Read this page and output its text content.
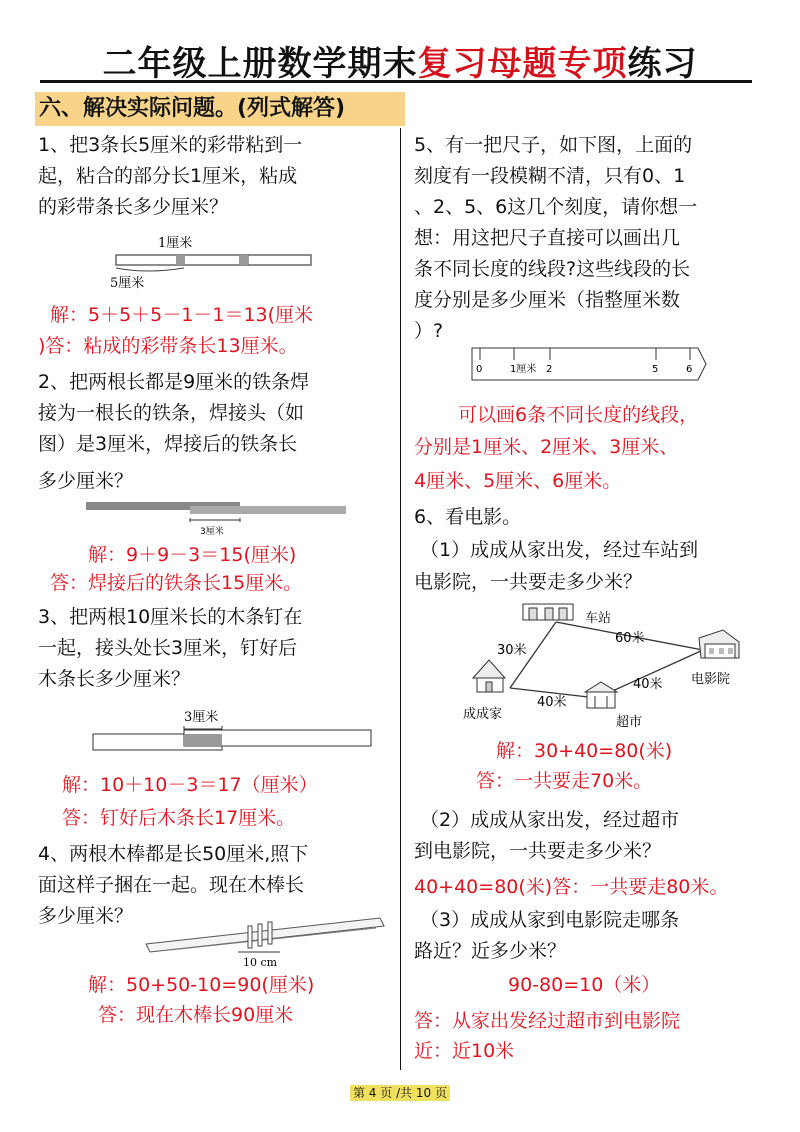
二年级上册数学期末复习母题专项练习
六、解决实际问题。(列式解答)
1、把3条长5厘米的彩带粘到一
起，粘合的部分长1厘米，粘成
的彩带条长多少厘米？
1厘米
5厘米
解：5＋5＋5－1－1＝13(厘米
)答：粘成的彩带条长13厘米。
2、把两根长都是9厘米的铁条焊
接为一根长的铁条，焊接头（如
图）是3厘米，焊接后的铁条长
多少厘米？
3厘米
解：9＋9－3＝15(厘米)
答：焊接后的铁条长15厘米。
3、把两根10厘米长的木条钉在
一起，接头处长3厘米，钉好后
木条长多少厘米？
3厘米
解：10＋10－3＝17（厘米）
答：钉好后木条长17厘米。
4、两根木棒都是长50厘米,照下
面这样子捆在一起。现在木棒长
多少厘米？
10 cm
解：50+50-10=90(厘米)
答：现在木棒长90厘米
5、有一把尺子，如下图，上面的
刻度有一段模糊不清，只有0、1
、2、5、6这几个刻度，请你想一
想：用这把尺子直接可以画出几
条不同长度的线段?这些线段的长
度分别是多少厘米（指整厘米数
）?
0	1厘米 2	5	6
可以画6条不同长度的线段，
分别是1厘米、2厘米、3厘米、
4厘米、5厘米、6厘米。
6、看电影。
（1）成成从家出发，经过车站到
电影院，一共要走多少米？
车站
成成家
超市
电影院
30米
60米
40米
40米
解：30+40=80(米)
答：一共要走70米。
（2）成成从家出发，经过超市
到电影院，一共要走多少米？
40+40=80(米)答：一共要走80米。
（3）成成从家到电影院走哪条
路近？近多少米？
90-80=10（米）
答：从家出发经过超市到电影院
近：近10米
第 4 页 /共 10 页
